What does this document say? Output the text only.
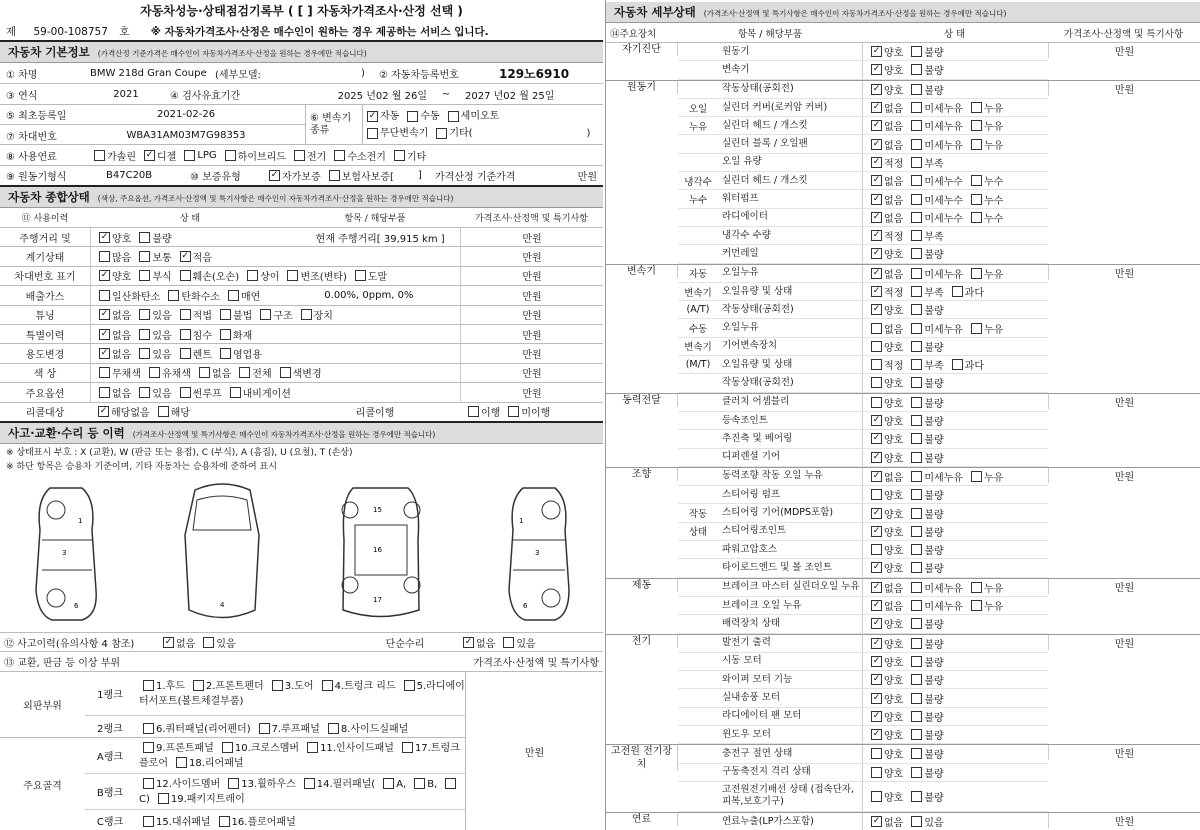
자동차성능·상태점검기록부 ( [ ] 자동차가격조사·산정 선택 )
제 59-00-108757 호 ※ 자동차가격조사·산정은 매수인이 원하는 경우 제공하는 서비스 입니다.
자동차 기본정보 (가격산정 기준가격은 매수인이 자동차가격조사·산정을 원하는 경우에만 적습니다)
① 차명	BMW 218d Gran Coupe (세부모델:	)	② 자동차등록번호	129노6910
③ 연식	2021	④ 검사유효기간	2025 년02 월 26일	~	2027 년02 월 25일
⑤ 최초등록일	2021-02-26
⑦ 차대번호	WBA31AM03M7G98353
⑥ 변속기 종류
✓ 자동 수동 세미오토
무단변속기 기타(	)
⑧ 사용연료	가솔린 ✓ 디젤 LPG 하이브리드 전기 수소전기 기타
⑨ 원동기형식	B47C20B	⑩ 보증유형	✓ 자가보증 보험사보증[ ]	가격산정 기준가격	만원
자동차 종합상태 (색상, 주요옵션, 가격조사·산정액 및 특기사항은 매수인이 자동차가격조사·산정을 원하는 경우에만 적습니다)
⑪ 사용이력	상 태	항목 / 해당부품	가격조사·산정액 및 특기사항
주행거리 및	✓ 양호 불량	현재 주행거리[ 39,915 km ]	만원
계기상태	많음 보통 ✓ 적음	만원
차대번호 표기	✓ 양호 부식 훼손(오손) 상이 변조(변타) 도말	만원
배출가스	일산화탄소 탄화수소 매연	0.00%, 0ppm, 0%	만원
튜닝	✓ 없음 있음 적법 불법 구조 장치	만원
특별이력	✓ 없음 있음 침수 화재	만원
용도변경	✓ 없음 있음 렌트 영업용	만원
색 상	무채색 유채색 없음 전체 색변경	만원
주요옵션	없음 있음 썬루프 내비게이션	만원
리콜대상	✓ 해당없음 해당	리콜이행	이행 미이행
사고·교환·수리 등 이력 (가격조사·산정액 및 특기사항은 매수인이 자동차가격조사·산정을 원하는 경우에만 적습니다)
※ 상태표시 부호 : X (교환), W (판금 또는 용접), C (부식), A (흠집), U (요철), T (손상)
※ 하단 항목은 승용차 기준이며, 기타 자동차는 승용차에 준하여 표시
1
3
6	4
16
15
17
1
3
6
⑫ 사고이력(유의사항 4 참조)	✓ 없음 있음	단순수리	✓ 없음 있음
⑬ 교환, 판금 등 이상 부위	가격조사·산정액 및 특기사항
외판부위
1랭크
1.후드 2.프론트펜더 3.도어 4.트렁크 리드 5.라디에이터서포트(볼트체결부품)
2랭크	6.쿼터패널(리어펜더) 7.루프패널 8.사이드실패널
주요골격
A랭크
9.프론트패널 10.크로스멤버 11.인사이드패널 17.트렁크플로어 18.리어패널
B랭크
12.사이드멤버 13.휠하우스 14.필러패널( A, B,C) 19.패키지트레이
C랭크	15.대쉬패널 16.플로어패널
만원
자동차 세부상태 (가격조사·산정액 및 특기사항은 매수인이 자동차가격조사·산정을 원하는 경우에만 적습니다)
⑭주요장치	항목 / 해당부품	상 태	가격조사·산정액 및 특기사항
자기진단	원동기	✓ 양호 불량
변속기	✓ 양호 불량
만원
원동기	작동상태(공회전)	✓ 양호 불량
오일	실린더 커버(로커암 커버)	✓ 없음 미세누유 누유
누유	실린더 헤드 / 개스킷	✓ 없음 미세누유 누유
실린더 블록 / 오일팬	✓ 없음 미세누유 누유
오일 유량	✓ 적정 부족
냉각수	실린더 헤드 / 개스킷	✓ 없음 미세누수 누수
누수	워터펌프	✓ 없음 미세누수 누수
라디에이터	✓ 없음 미세누수 누수
냉각수 수량	✓ 적정 부족
커먼레일	✓ 양호 불량
만원
변속기	자동	오일누유	✓ 없음 미세누유 누유
변속기	오일유량 및 상태	✓ 적정 부족 과다
(A/T)	작동상태(공회전)	✓ 양호 불량
수동	오일누유	없음 미세누유 누유
변속기	기어변속장치	양호 불량
(M/T)	오일유량 및 상태	적정 부족 과다
작동상태(공회전)	양호 불량
만원
동력전달	클러치 어셈블리	양호 불량
등속조인트	✓ 양호 불량
추진축 및 베어링	✓ 양호 불량
디퍼렌셜 기어	✓ 양호 불량
만원
조향	동력조향 작동 오일 누유	✓ 없음 미세누유 누유
스티어링 펌프	양호 불량
작동	스티어링 기어(MDPS포함)	✓ 양호 불량
상태	스티어링조인트	✓ 양호 불량
파워고압호스	양호 불량
타이로드엔드 및 볼 조인트	✓ 양호 불량
만원
제동	브레이크 마스터 실린더오일 누유 ✓ 없음 미세누유 누유
브레이크 오일 누유	✓ 없음 미세누유 누유
배력장치 상태	✓ 양호 불량
만원
전기	발전기 출력	✓ 양호 불량
시동 모터	✓ 양호 불량
와이퍼 모터 기능	✓ 양호 불량
실내송풍 모터	✓ 양호 불량
라디에이터 팬 모터	✓ 양호 불량
윈도우 모터	✓ 양호 불량
만원
고전원 전기장치
충전구 절연 상태	양호 불량
구동축전지 격리 상태	양호 불량
고전원전기배선 상태 (접속단자,피복,보호기구)	양호 불량
만원
연료	연료누출(LP가스포함)	✓ 없음 있음	만원
